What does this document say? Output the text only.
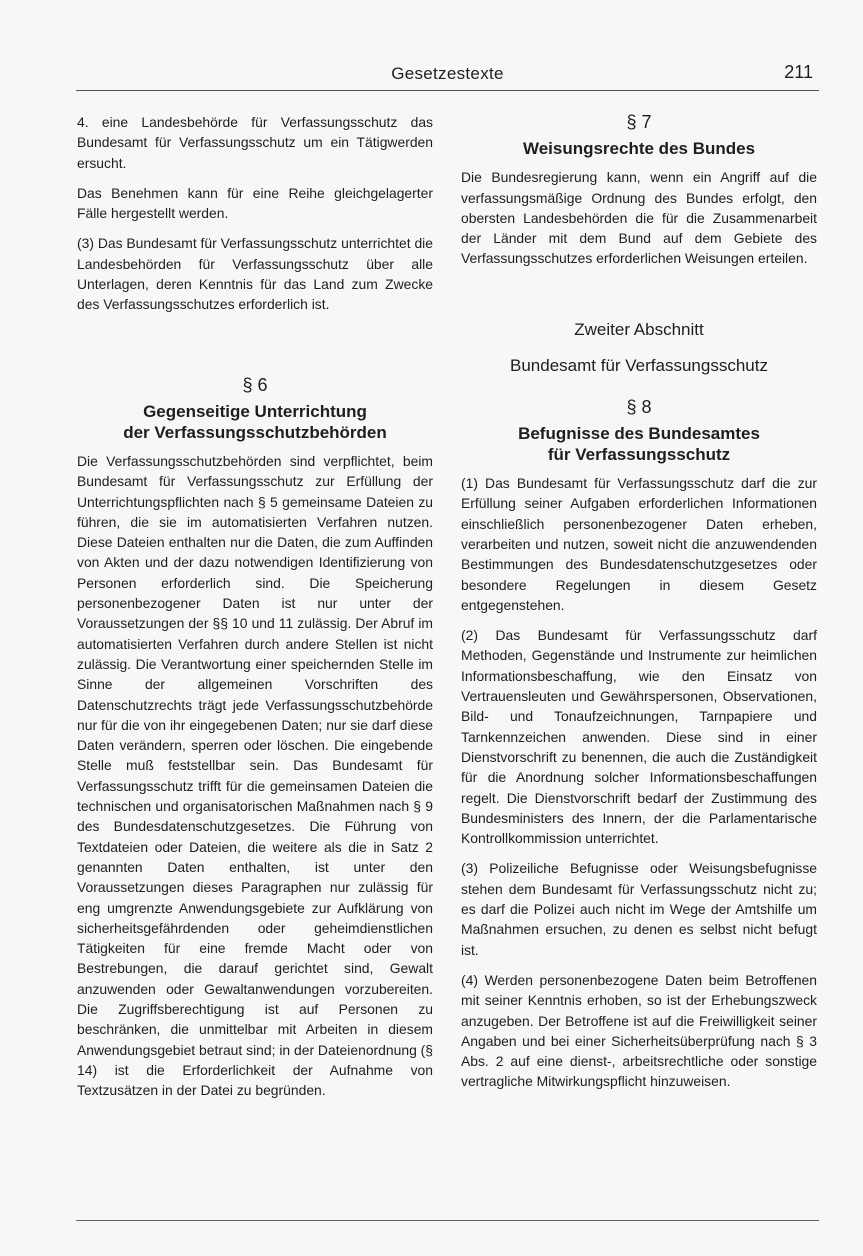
Gesetzestexte	211

4. eine Landesbehörde für Verfassungsschutz das Bundesamt für Verfassungsschutz um ein Tätigwerden ersucht.

Das Benehmen kann für eine Reihe gleichgelagerter Fälle hergestellt werden.

(3) Das Bundesamt für Verfassungsschutz unterrichtet die Landesbehörden für Verfassungsschutz über alle Unterlagen, deren Kenntnis für das Land zum Zwecke des Verfassungsschutzes erforderlich ist.

§ 6
Gegenseitige Unterrichtung
der Verfassungsschutzbehörden

Die Verfassungsschutzbehörden sind verpflichtet, beim Bundesamt für Verfassungsschutz zur Erfüllung der Unterrichtungspflichten nach § 5 gemeinsame Dateien zu führen, die sie im automatisierten Verfahren nutzen. Diese Dateien enthalten nur die Daten, die zum Auffinden von Akten und der dazu notwendigen Identifizierung von Personen erforderlich sind. Die Speicherung personenbezogener Daten ist nur unter der Voraussetzungen der §§ 10 und 11 zulässig. Der Abruf im automatisierten Verfahren durch andere Stellen ist nicht zulässig. Die Verantwortung einer speichernden Stelle im Sinne der allgemeinen Vorschriften des Datenschutzrechts trägt jede Verfassungsschutzbehörde nur für die von ihr eingegebenen Daten; nur sie darf diese Daten verändern, sperren oder löschen. Die eingebende Stelle muß feststellbar sein. Das Bundesamt für Verfassungsschutz trifft für die gemeinsamen Dateien die technischen und organisatorischen Maßnahmen nach § 9 des Bundesdatenschutzgesetzes. Die Führung von Textdateien oder Dateien, die weitere als die in Satz 2 genannten Daten enthalten, ist unter den Voraussetzungen dieses Paragraphen nur zulässig für eng umgrenzte Anwendungsgebiete zur Aufklärung von sicherheitsgefährdenden oder geheimdienstlichen Tätigkeiten für eine fremde Macht oder von Bestrebungen, die darauf gerichtet sind, Gewalt anzuwenden oder Gewaltanwendungen vorzubereiten. Die Zugriffsberechtigung ist auf Personen zu beschränken, die unmittelbar mit Arbeiten in diesem Anwendungsgebiet betraut sind; in der Dateienordnung (§ 14) ist die Erforderlichkeit der Aufnahme von Textzusätzen in der Datei zu begründen.

§ 7
Weisungsrechte des Bundes

Die Bundesregierung kann, wenn ein Angriff auf die verfassungsmäßige Ordnung des Bundes erfolgt, den obersten Landesbehörden die für die Zusammenarbeit der Länder mit dem Bund auf dem Gebiete des Verfassungsschutzes erforderlichen Weisungen erteilen.

Zweiter Abschnitt
Bundesamt für Verfassungsschutz
§ 8
Befugnisse des Bundesamtes
für Verfassungsschutz

(1) Das Bundesamt für Verfassungsschutz darf die zur Erfüllung seiner Aufgaben erforderlichen Informationen einschließlich personenbezogener Daten erheben, verarbeiten und nutzen, soweit nicht die anzuwendenden Bestimmungen des Bundesdatenschutzgesetzes oder besondere Regelungen in diesem Gesetz entgegenstehen.

(2) Das Bundesamt für Verfassungsschutz darf Methoden, Gegenstände und Instrumente zur heimlichen Informationsbeschaffung, wie den Einsatz von Vertrauensleuten und Gewährspersonen, Observationen, Bild- und Tonaufzeichnungen, Tarnpapiere und Tarnkennzeichen anwenden. Diese sind in einer Dienstvorschrift zu benennen, die auch die Zuständigkeit für die Anordnung solcher Informationsbeschaffungen regelt. Die Dienstvorschrift bedarf der Zustimmung des Bundesministers des Innern, der die Parlamentarische Kontrollkommission unterrichtet.

(3) Polizeiliche Befugnisse oder Weisungsbefugnisse stehen dem Bundesamt für Verfassungsschutz nicht zu; es darf die Polizei auch nicht im Wege der Amtshilfe um Maßnahmen ersuchen, zu denen es selbst nicht befugt ist.

(4) Werden personenbezogene Daten beim Betroffenen mit seiner Kenntnis erhoben, so ist der Erhebungszweck anzugeben. Der Betroffene ist auf die Freiwilligkeit seiner Angaben und bei einer Sicherheitsüberprüfung nach § 3 Abs. 2 auf eine dienst-, arbeitsrechtliche oder sonstige vertragliche Mitwirkungspflicht hinzuweisen.
